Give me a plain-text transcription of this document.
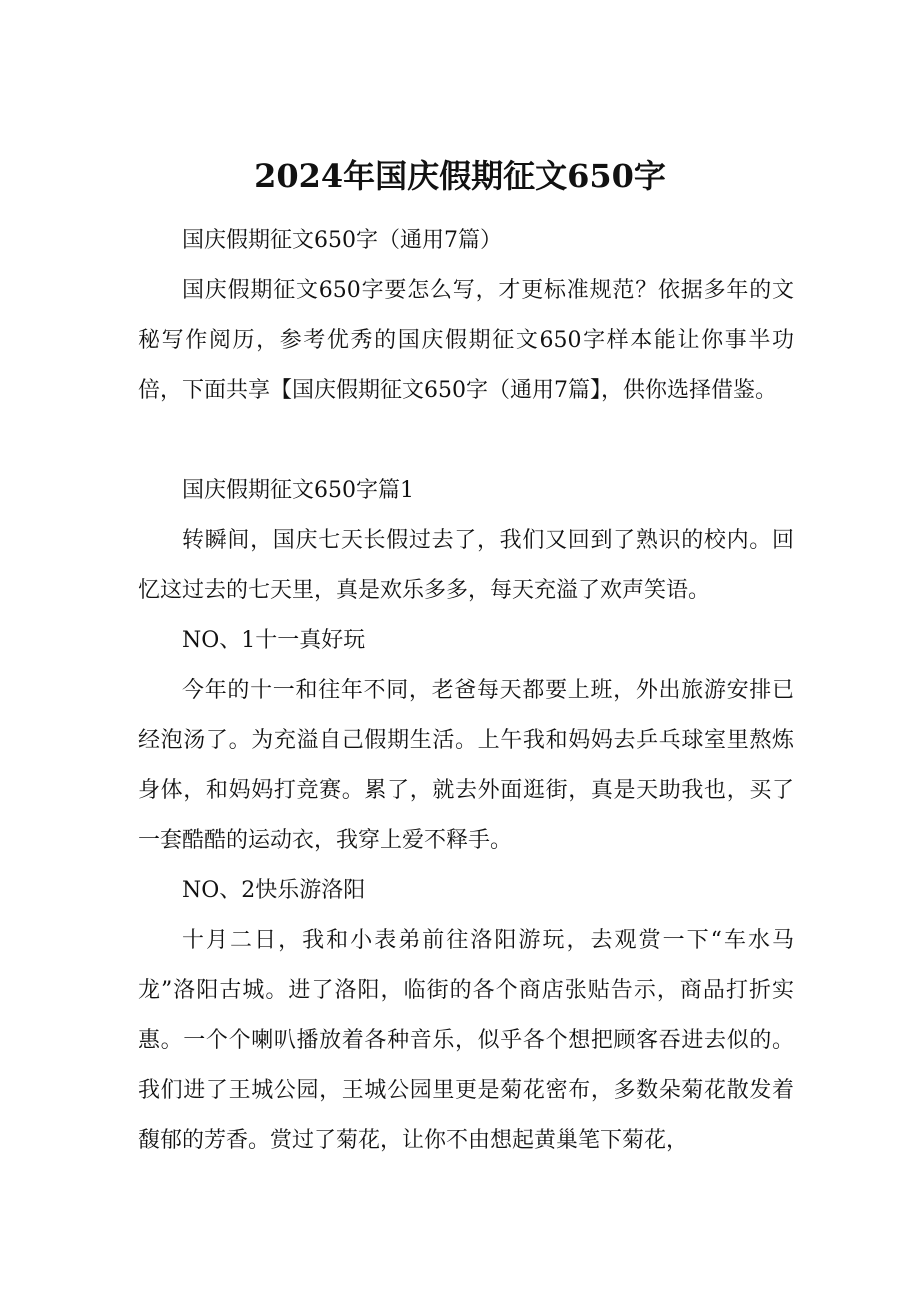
2024年国庆假期征文650字

国庆假期征文650字（通用7篇）

国庆假期征文650字要怎么写，才更标准规范？依据多年的文秘写作阅历，参考优秀的国庆假期征文650字样本能让你事半功倍，下面共享【国庆假期征文650字（通用7篇】，供你选择借鉴。

国庆假期征文650字篇1

转瞬间，国庆七天长假过去了，我们又回到了熟识的校内。回忆这过去的七天里，真是欢乐多多，每天充溢了欢声笑语。

NO、1十一真好玩

今年的十一和往年不同，老爸每天都要上班，外出旅游安排已经泡汤了。为充溢自己假期生活。上午我和妈妈去乒乓球室里熬炼身体，和妈妈打竞赛。累了，就去外面逛街，真是天助我也，买了一套酷酷的运动衣，我穿上爱不释手。

NO、2快乐游洛阳

十月二日，我和小表弟前往洛阳游玩，去观赏一下“车水马龙”洛阳古城。进了洛阳，临街的各个商店张贴告示，商品打折实惠。一个个喇叭播放着各种音乐，似乎各个想把顾客吞进去似的。我们进了王城公园，王城公园里更是菊花密布，多数朵菊花散发着馥郁的芳香。赏过了菊花，让你不由想起黄巢笔下菊花，
